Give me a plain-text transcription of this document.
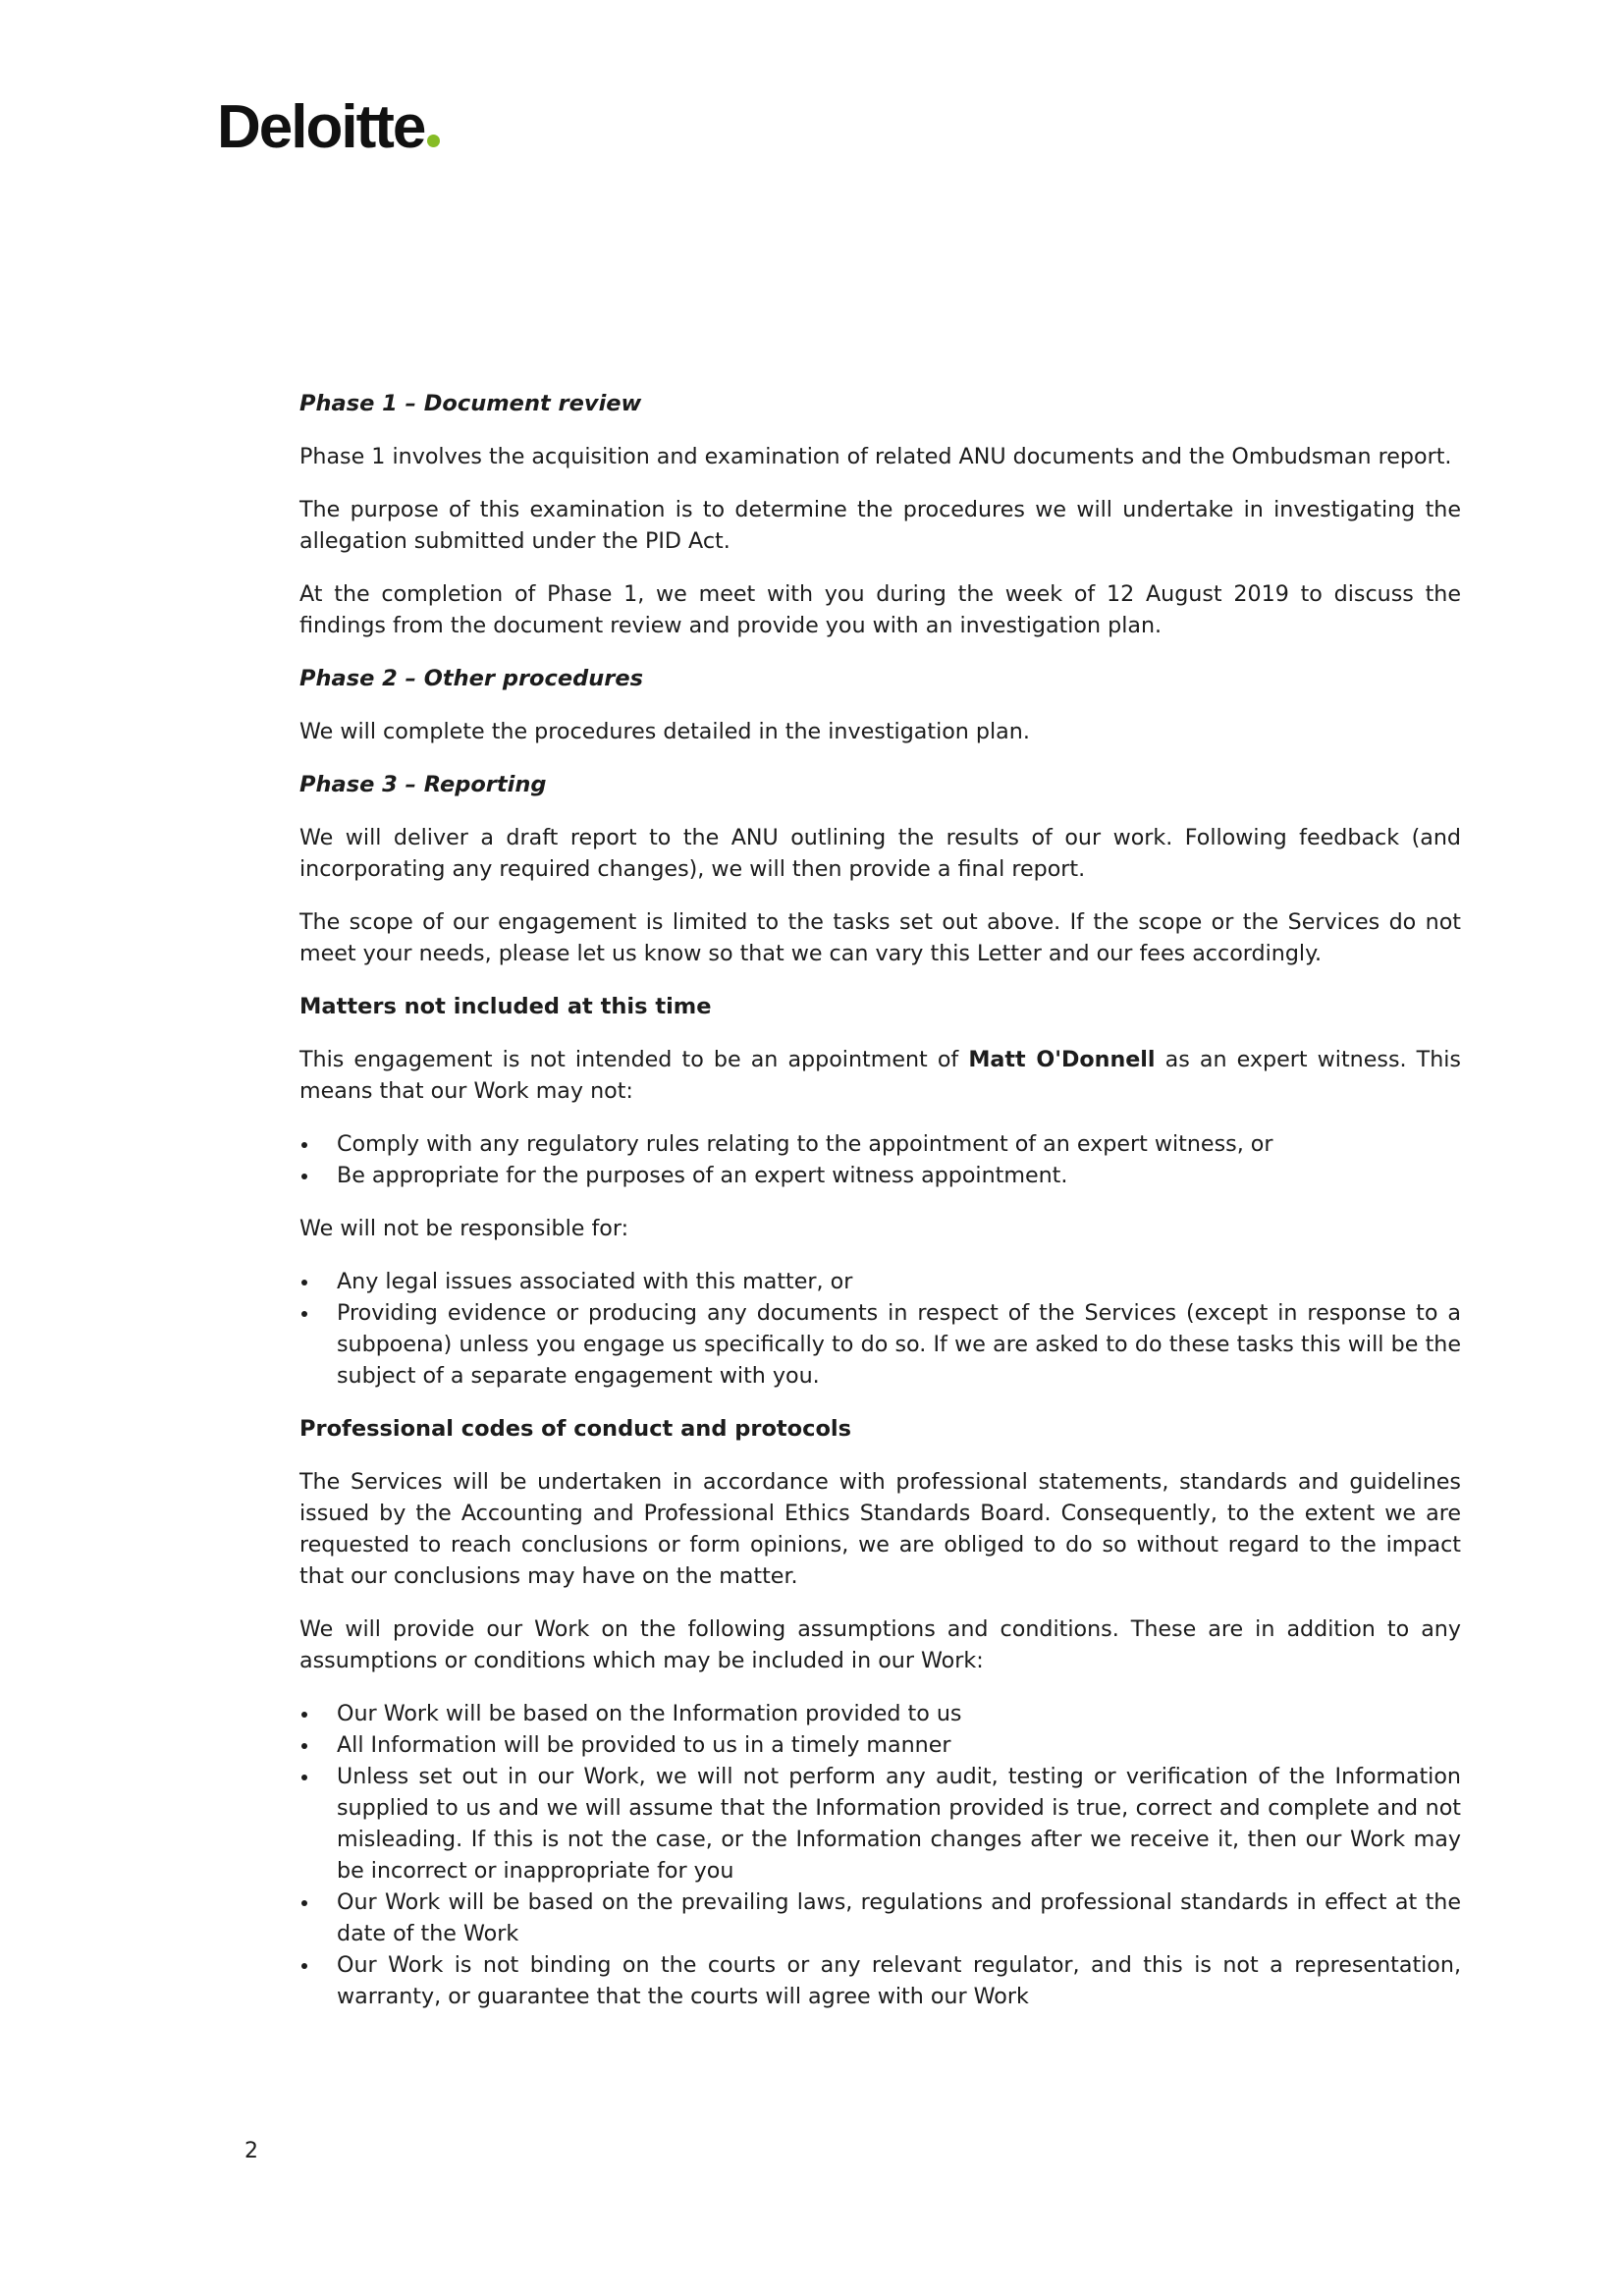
Deloitte
Phase 1 – Document review

Phase 1 involves the acquisition and examination of related ANU documents and the Ombudsman report.

The purpose of this examination is to determine the procedures we will undertake in investigating the allegation submitted under the PID Act.

At the completion of Phase 1, we meet with you during the week of 12 August 2019 to discuss the findings from the document review and provide you with an investigation plan.

Phase 2 – Other procedures

We will complete the procedures detailed in the investigation plan.

Phase 3 – Reporting

We will deliver a draft report to the ANU outlining the results of our work. Following feedback (and incorporating any required changes), we will then provide a final report.

The scope of our engagement is limited to the tasks set out above. If the scope or the Services do not meet your needs, please let us know so that we can vary this Letter and our fees accordingly.

Matters not included at this time

This engagement is not intended to be an appointment of Matt O'Donnell as an expert witness. This means that our Work may not:

Comply with any regulatory rules relating to the appointment of an expert witness, or
Be appropriate for the purposes of an expert witness appointment.

We will not be responsible for:

Any legal issues associated with this matter, or
Providing evidence or producing any documents in respect of the Services (except in response to a subpoena) unless you engage us specifically to do so. If we are asked to do these tasks this will be the subject of a separate engagement with you.
Professional codes of conduct and protocols

The Services will be undertaken in accordance with professional statements, standards and guidelines issued by the Accounting and Professional Ethics Standards Board. Consequently, to the extent we are requested to reach conclusions or form opinions, we are obliged to do so without regard to the impact that our conclusions may have on the matter.

We will provide our Work on the following assumptions and conditions. These are in addition to any assumptions or conditions which may be included in our Work:

Our Work will be based on the Information provided to us
All Information will be provided to us in a timely manner
Unless set out in our Work, we will not perform any audit, testing or verification of the Information supplied to us and we will assume that the Information provided is true, correct and complete and not misleading. If this is not the case, or the Information changes after we receive it, then our Work may be incorrect or inappropriate for you
Our Work will be based on the prevailing laws, regulations and professional standards in effect at the date of the Work
Our Work is not binding on the courts or any relevant regulator, and this is not a representation, warranty, or guarantee that the courts will agree with our Work
2
